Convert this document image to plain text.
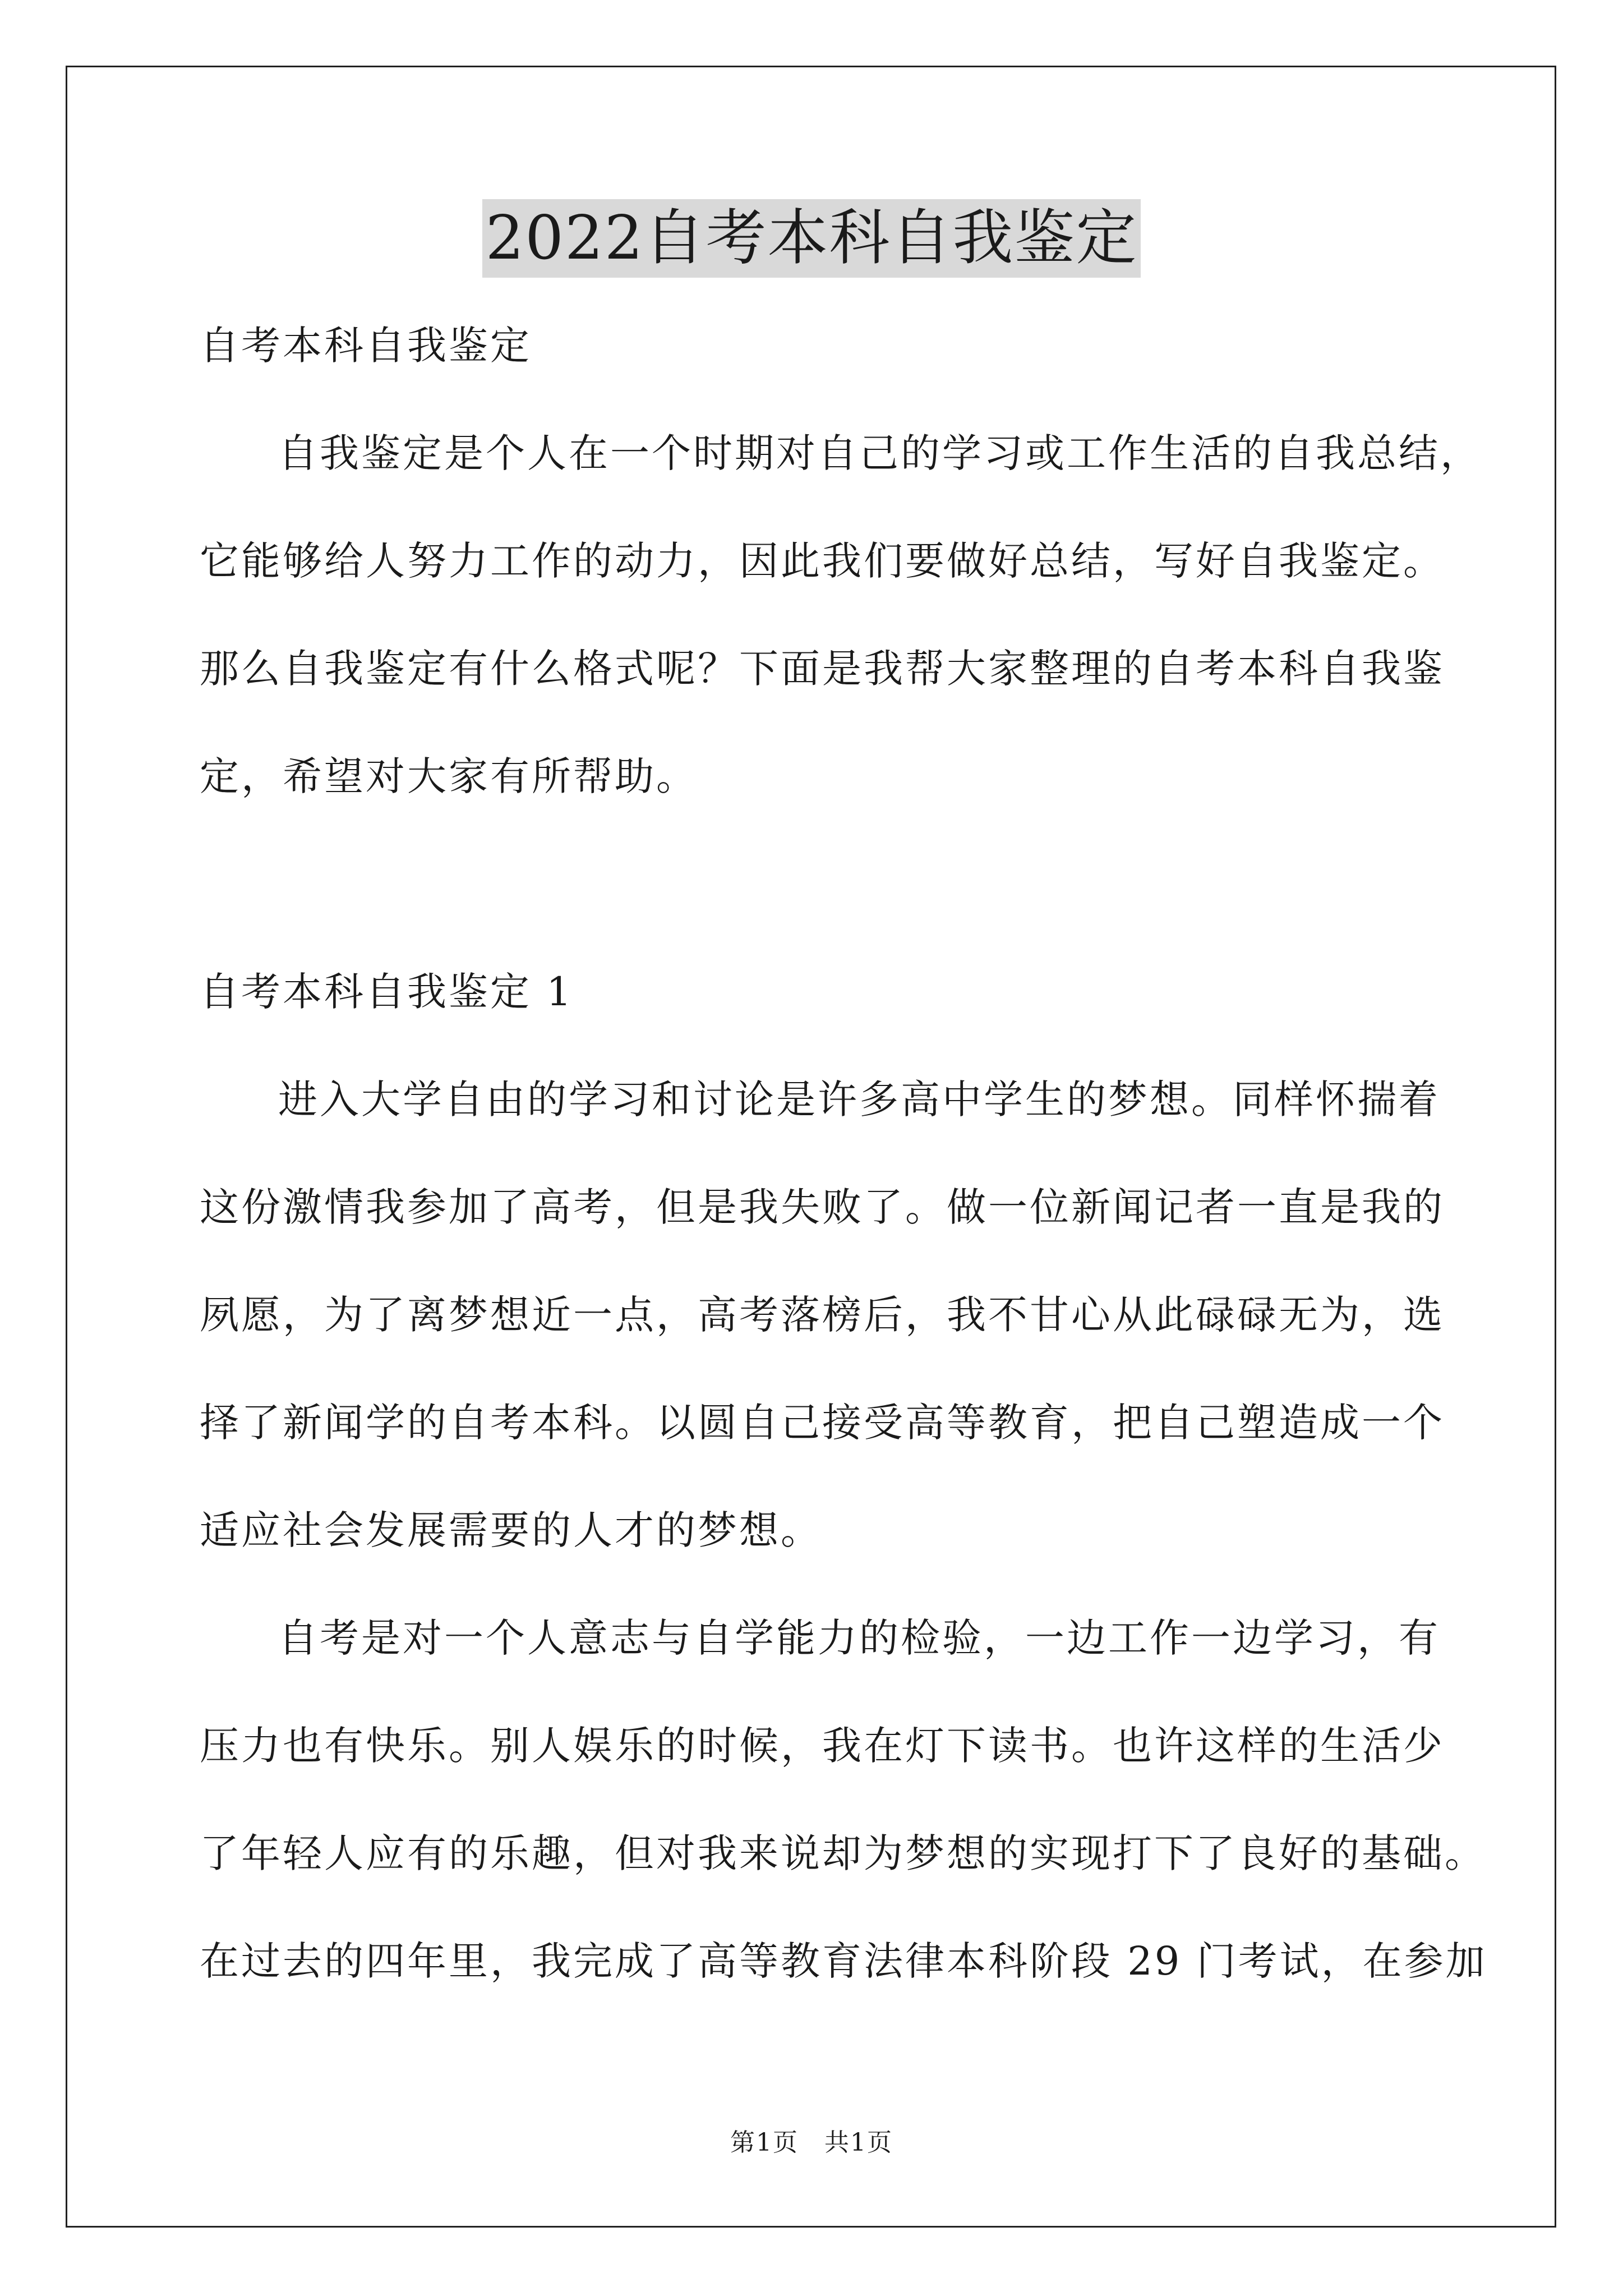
2022自考本科自我鉴定
自考本科自我鉴定
自我鉴定是个人在一个时期对自己的学习或工作生活的自我总结，
它能够给人努力工作的动力，因此我们要做好总结，写好自我鉴定。
那么自我鉴定有什么格式呢？下面是我帮大家整理的自考本科自我鉴
定，希望对大家有所帮助。
自考本科自我鉴定 1
进入大学自由的学习和讨论是许多高中学生的梦想。同样怀揣着
这份激情我参加了高考，但是我失败了。做一位新闻记者一直是我的
夙愿，为了离梦想近一点，高考落榜后，我不甘心从此碌碌无为，选
择了新闻学的自考本科。以圆自己接受高等教育，把自己塑造成一个
适应社会发展需要的人才的梦想。
自考是对一个人意志与自学能力的检验，一边工作一边学习，有
压力也有快乐。别人娱乐的时候，我在灯下读书。也许这样的生活少
了年轻人应有的乐趣，但对我来说却为梦想的实现打下了良好的基础。
在过去的四年里，我完成了高等教育法律本科阶段 29 门考试，在参加
第1页　共1页
